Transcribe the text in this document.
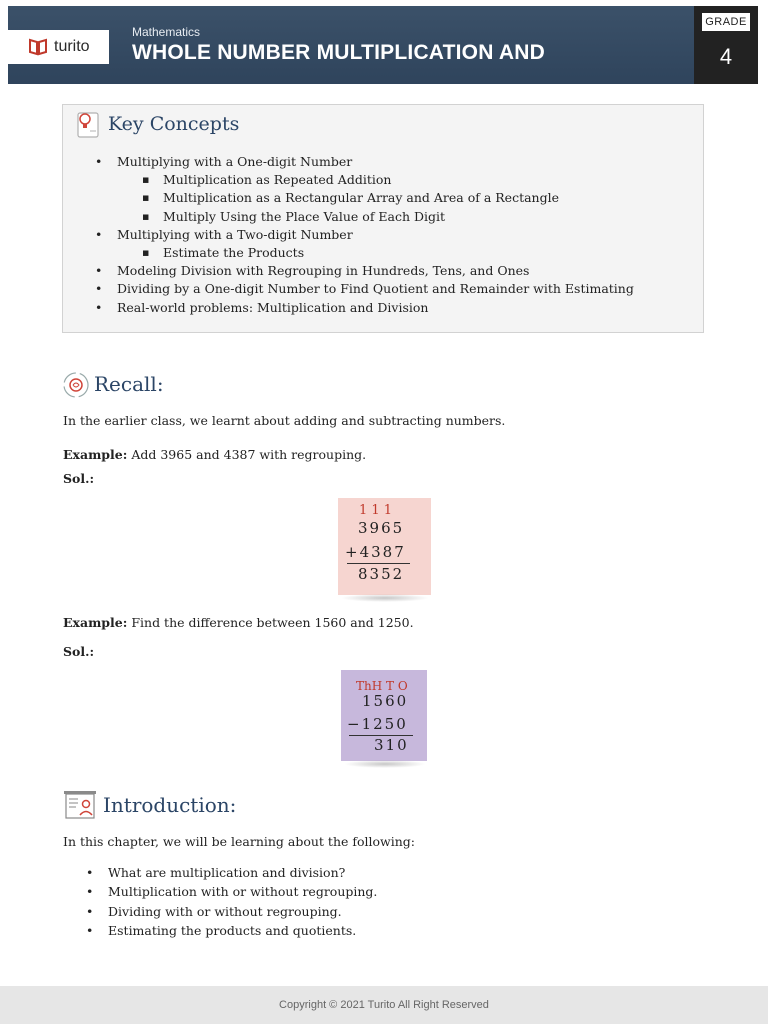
turito
Mathematics
WHOLE NUMBER MULTIPLICATION AND
GRADE
4
Key Concepts
• Multiplying with a One-digit Number
▪ Multiplication as Repeated Addition
▪ Multiplication as a Rectangular Array and Area of a Rectangle
▪ Multiply Using the Place Value of Each Digit
• Multiplying with a Two-digit Number
▪ Estimate the Products
• Modeling Division with Regrouping in Hundreds, Tens, and Ones
• Dividing by a One-digit Number to Find Quotient and Remainder with Estimating
• Real-world problems: Multiplication and Division
Recall:
In the earlier class, we learnt about adding and subtracting numbers.
Example: Add 3965 and 4387 with regrouping.
Sol.:
1 1 1
3965
+4387
8352
Example: Find the difference between 1560 and 1250.
Sol.:
ThH T O
1560
−1250
310
Introduction:
In this chapter, we will be learning about the following:
• What are multiplication and division?
• Multiplication with or without regrouping.
• Dividing with or without regrouping.
• Estimating the products and quotients.
Copyright © 2021 Turito All Right Reserved
